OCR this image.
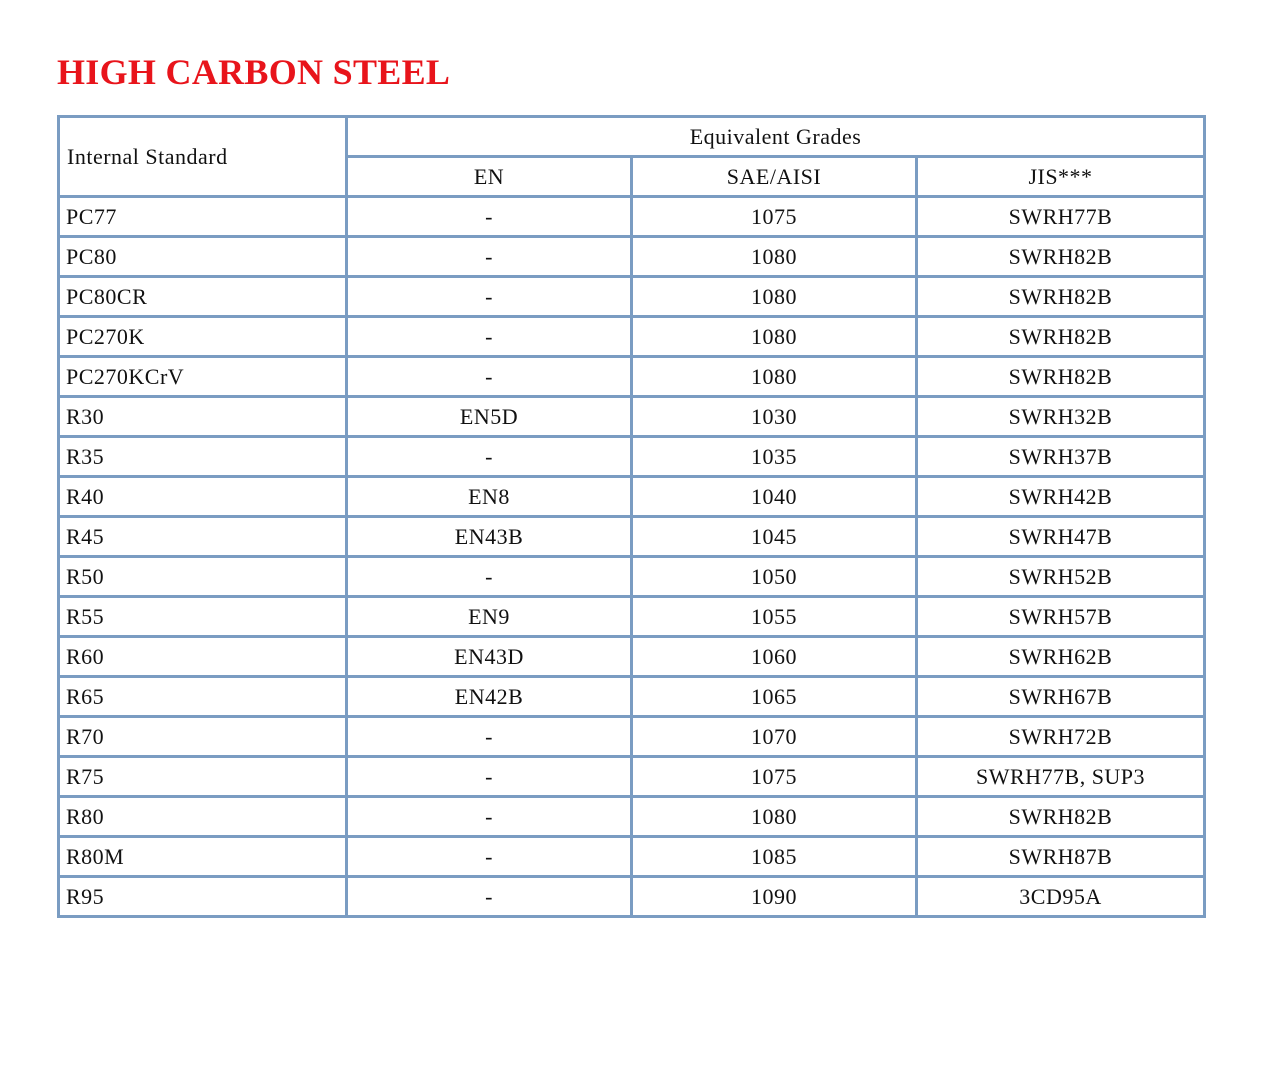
HIGH CARBON STEEL
Internal Standard	Equivalent Grades		
	EN	SAE/AISI	JIS***
PC77	-	1075	SWRH77B
PC80	-	1080	SWRH82B
PC80CR	-	1080	SWRH82B
PC270K	-	1080	SWRH82B
PC270KCrV	-	1080	SWRH82B
R30	EN5D	1030	SWRH32B
R35	-	1035	SWRH37B
R40	EN8	1040	SWRH42B
R45	EN43B	1045	SWRH47B
R50	-	1050	SWRH52B
R55	EN9	1055	SWRH57B
R60	EN43D	1060	SWRH62B
R65	EN42B	1065	SWRH67B
R70	-	1070	SWRH72B
R75	-	1075	SWRH77B, SUP3
R80	-	1080	SWRH82B
R80M	-	1085	SWRH87B
R95	-	1090	3CD95A
